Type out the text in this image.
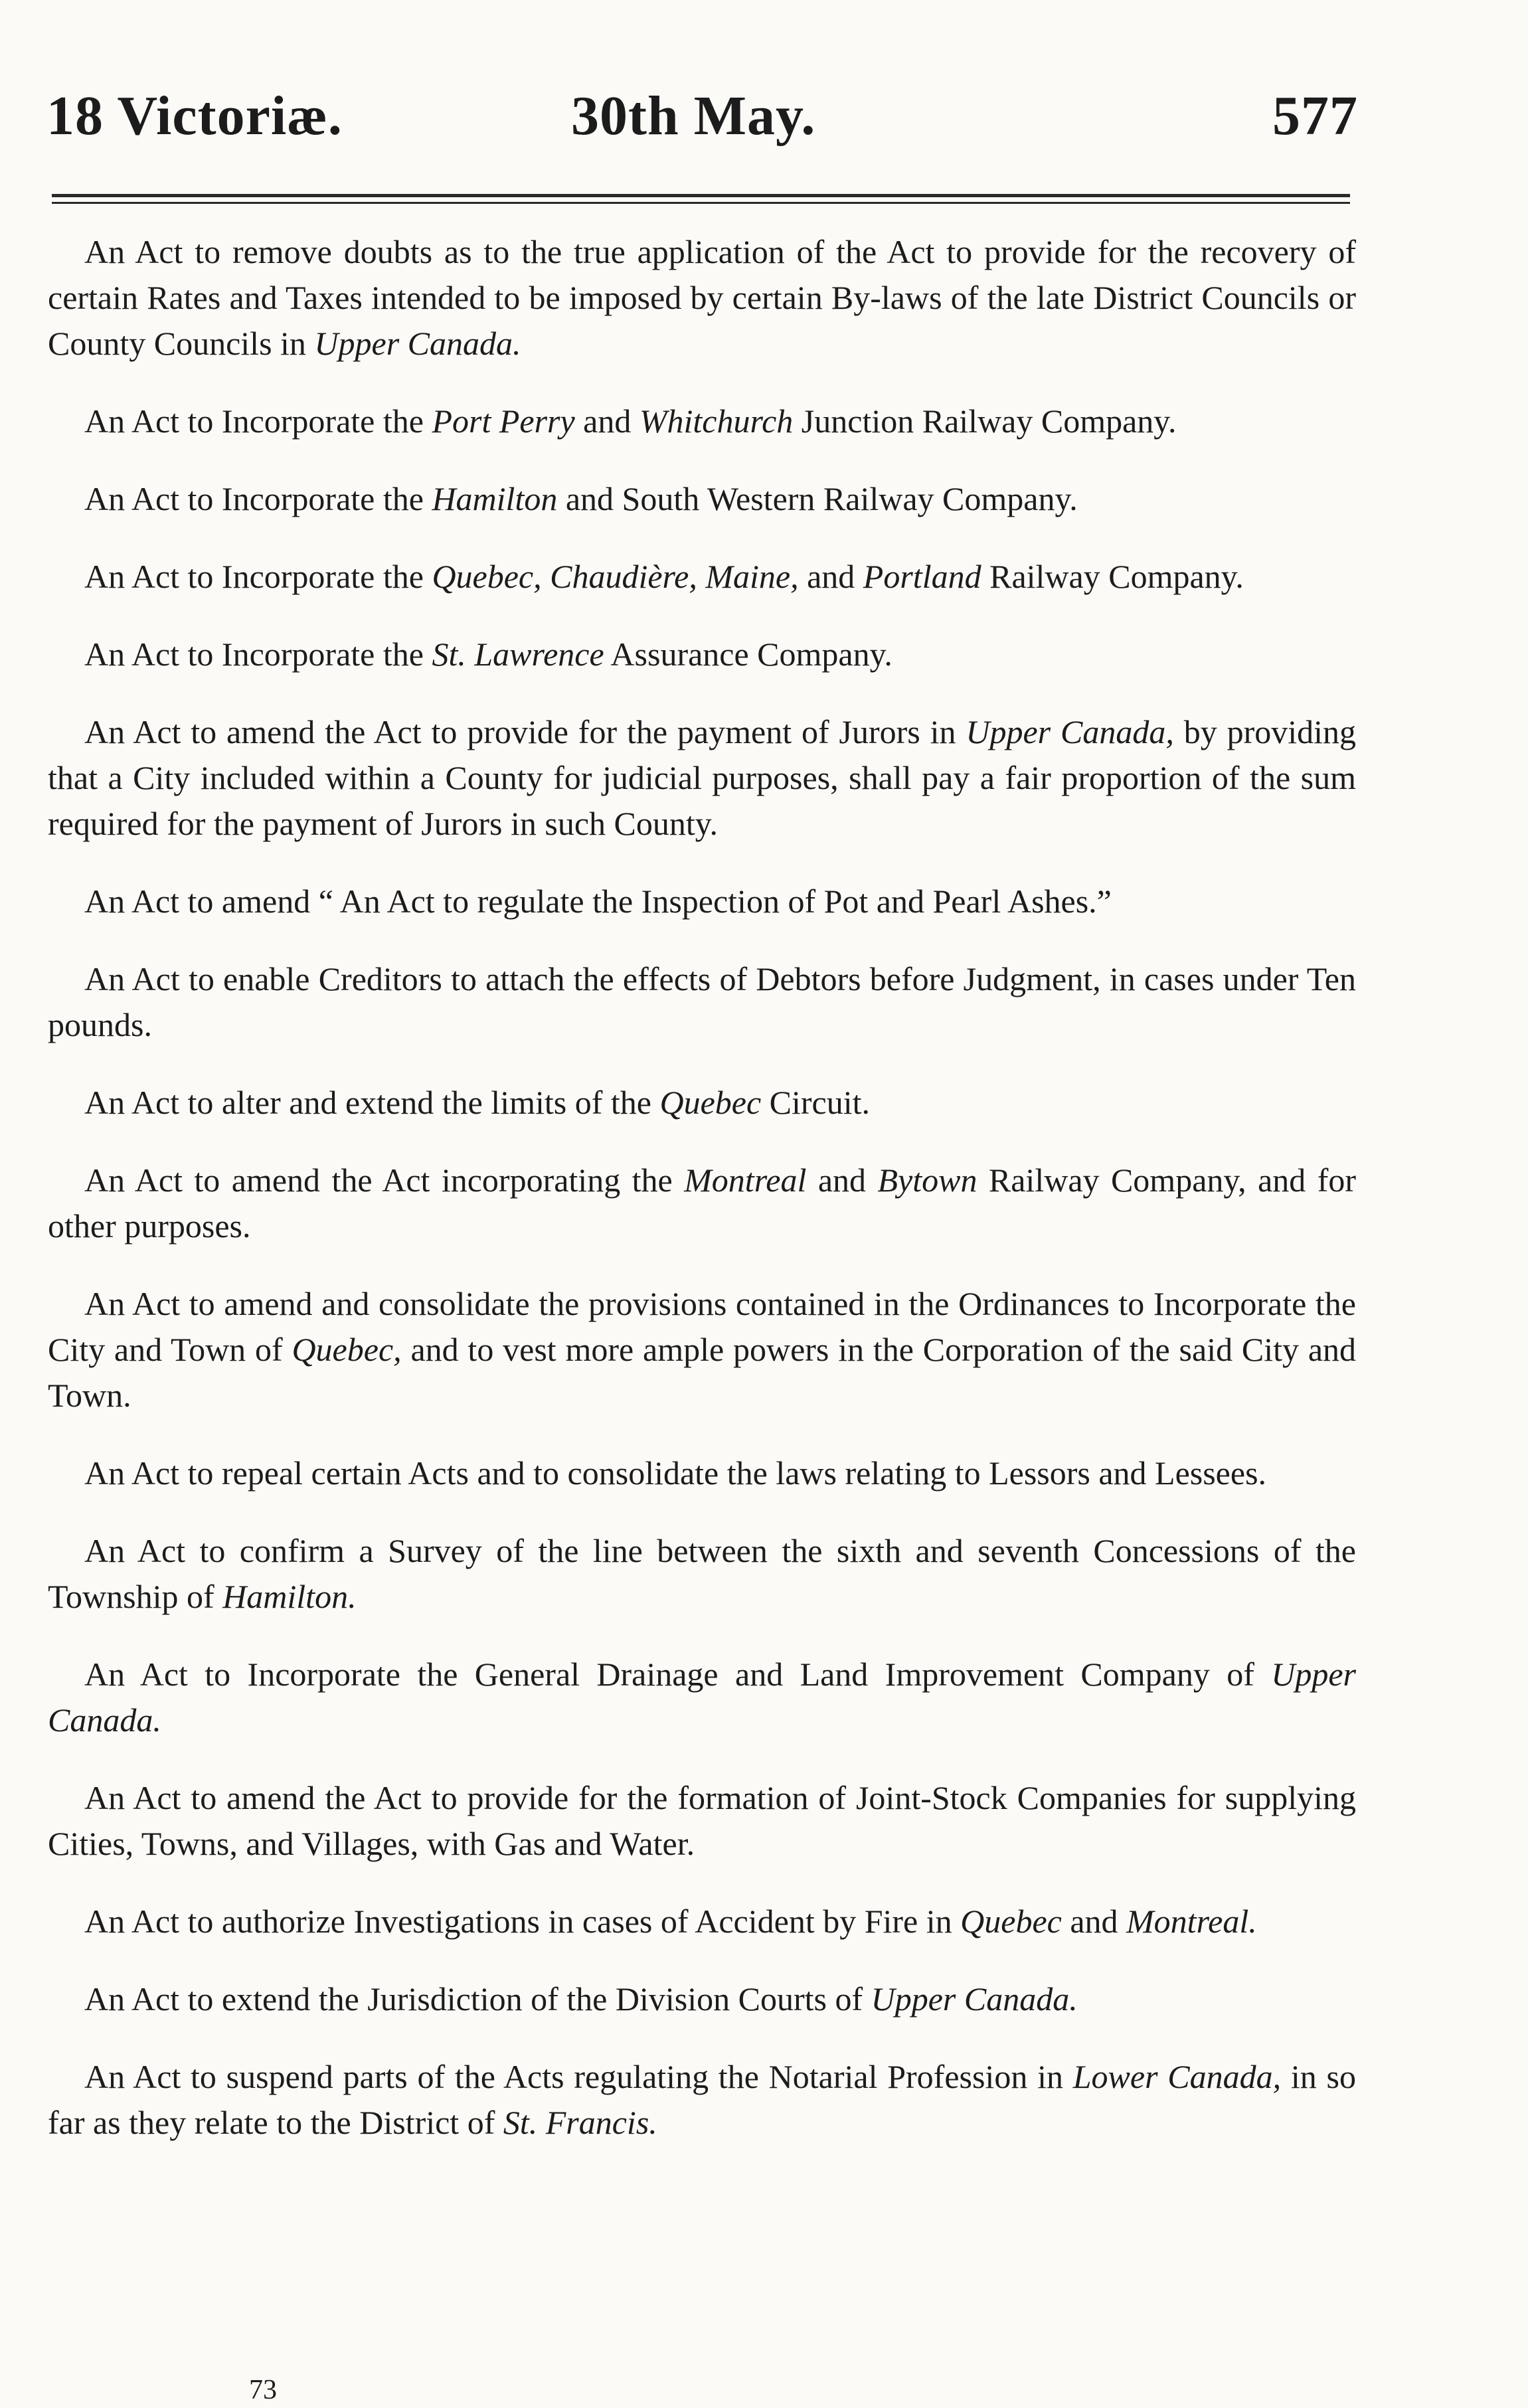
18 Victoriæ.	30th May.	577

An Act to remove doubts as to the true application of the Act to provide for the recovery of certain Rates and Taxes intended to be imposed by certain By-laws of the late District Councils or County Councils in Upper Canada.

An Act to Incorporate the Port Perry and Whitchurch Junction Railway Company.

An Act to Incorporate the Hamilton and South Western Railway Company.

An Act to Incorporate the Quebec, Chaudière, Maine, and Portland Railway Company.

An Act to Incorporate the St. Lawrence Assurance Company.

An Act to amend the Act to provide for the payment of Jurors in Upper Canada, by providing that a City included within a County for judicial purposes, shall pay a fair proportion of the sum required for the payment of Jurors in such County.

An Act to amend “ An Act to regulate the Inspection of Pot and Pearl Ashes.”

An Act to enable Creditors to attach the effects of Debtors before Judgment, in cases under Ten pounds.

An Act to alter and extend the limits of the Quebec Circuit.

An Act to amend the Act incorporating the Montreal and Bytown Railway Company, and for other purposes.

An Act to amend and consolidate the provisions contained in the Ordinances to Incorporate the City and Town of Quebec, and to vest more ample powers in the Corporation of the said City and Town.

An Act to repeal certain Acts and to consolidate the laws relating to Lessors and Lessees.

An Act to confirm a Survey of the line between the sixth and seventh Concessions of the Township of Hamilton.

An Act to Incorporate the General Drainage and Land Improvement Company of Upper Canada.

An Act to amend the Act to provide for the formation of Joint-Stock Companies for supplying Cities, Towns, and Villages, with Gas and Water.

An Act to authorize Investigations in cases of Accident by Fire in Quebec and Montreal.

An Act to extend the Jurisdiction of the Division Courts of Upper Canada.

An Act to suspend parts of the Acts regulating the Notarial Profession in Lower Canada, in so far as they relate to the District of St. Francis.

73
